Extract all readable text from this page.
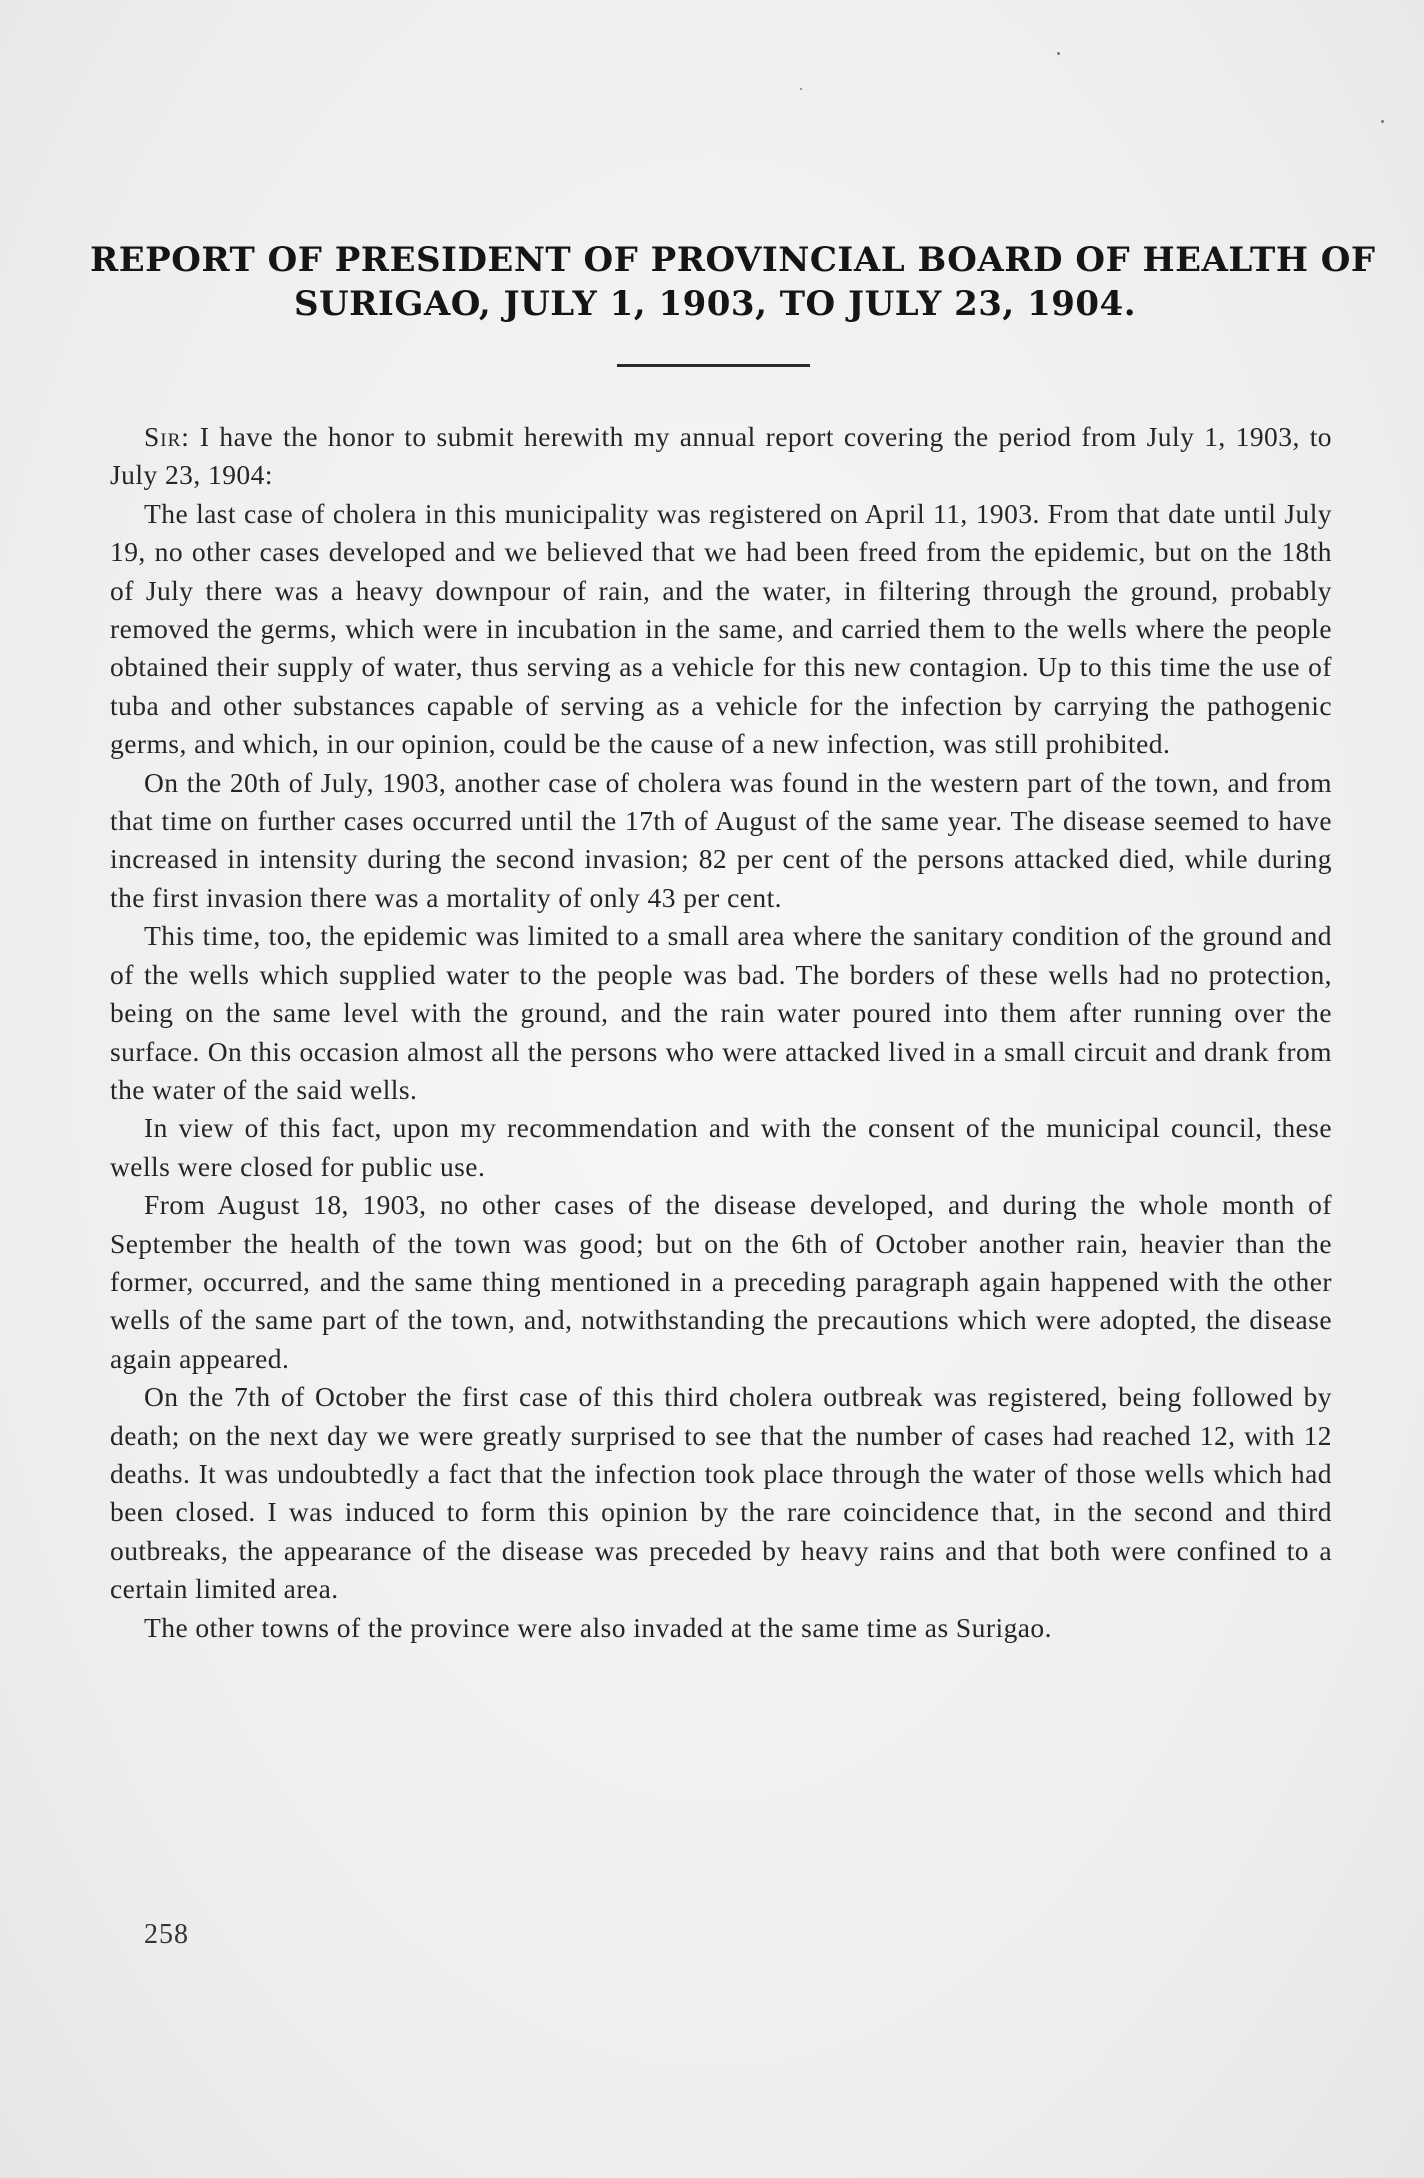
REPORT OF PRESIDENT OF PROVINCIAL BOARD OF HEALTH OF
SURIGAO, JULY 1, 1903, TO JULY 23, 1904.

Sir: I have the honor to submit herewith my annual report covering the period from July 1, 1903, to July 23, 1904:

The last case of cholera in this municipality was registered on April 11, 1903. From that date until July 19, no other cases developed and we believed that we had been freed from the epidemic, but on the 18th of July there was a heavy downpour of rain, and the water, in filtering through the ground, probably removed the germs, which were in incubation in the same, and carried them to the wells where the people obtained their supply of water, thus serving as a vehicle for this new contagion. Up to this time the use of tuba and other substances capable of serving as a vehicle for the infection by carrying the pathogenic germs, and which, in our opinion, could be the cause of a new infection, was still prohibited.

On the 20th of July, 1903, another case of cholera was found in the western part of the town, and from that time on further cases occurred until the 17th of August of the same year. The disease seemed to have increased in intensity during the second invasion; 82 per cent of the persons attacked died, while during the first invasion there was a mortality of only 43 per cent.

This time, too, the epidemic was limited to a small area where the sanitary condition of the ground and of the wells which supplied water to the people was bad. The borders of these wells had no protection, being on the same level with the ground, and the rain water poured into them after running over the surface. On this occasion almost all the persons who were attacked lived in a small circuit and drank from the water of the said wells.

In view of this fact, upon my recommendation and with the consent of the municipal council, these wells were closed for public use.

From August 18, 1903, no other cases of the disease developed, and during the whole month of September the health of the town was good; but on the 6th of October another rain, heavier than the former, occurred, and the same thing mentioned in a preceding paragraph again happened with the other wells of the same part of the town, and, notwithstanding the precautions which were adopted, the disease again appeared.

On the 7th of October the first case of this third cholera outbreak was registered, being followed by death; on the next day we were greatly surprised to see that the number of cases had reached 12, with 12 deaths. It was undoubtedly a fact that the infection took place through the water of those wells which had been closed. I was induced to form this opinion by the rare coincidence that, in the second and third outbreaks, the appearance of the disease was preceded by heavy rains and that both were confined to a certain limited area.

The other towns of the province were also invaded at the same time as Surigao.

258
